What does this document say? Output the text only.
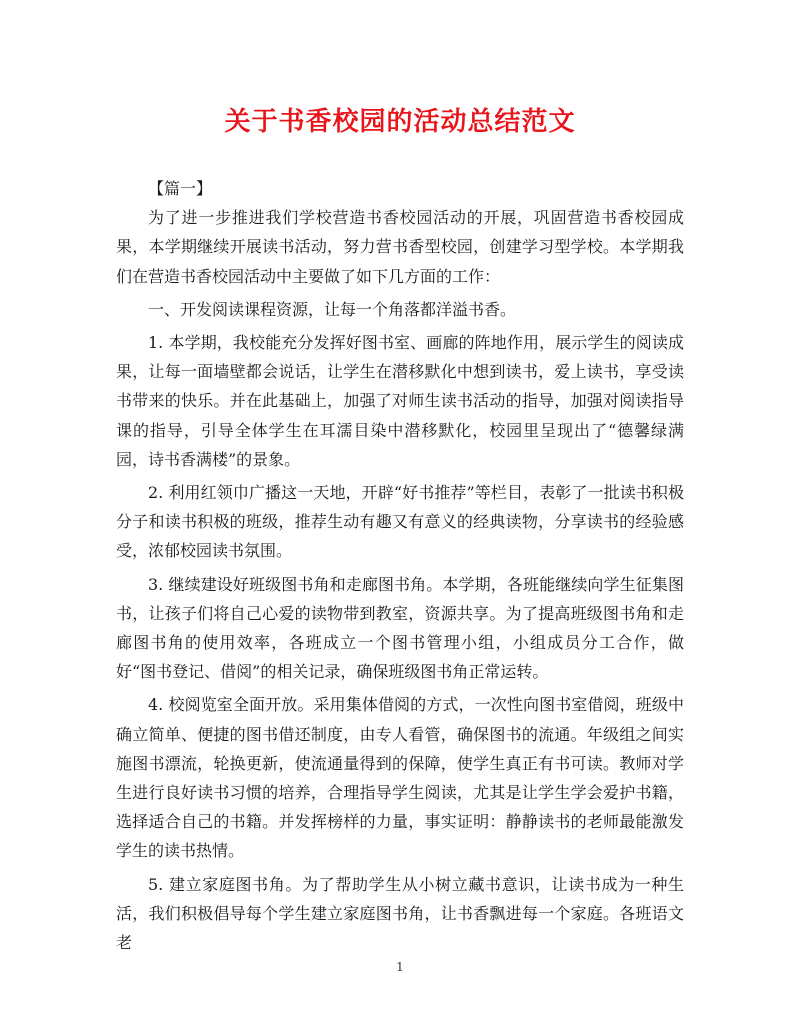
关于书香校园的活动总结范文

【篇一】

为了进一步推进我们学校营造书香校园活动的开展，巩固营造书香校园成果，本学期继续开展读书活动，努力营书香型校园，创建学习型学校。本学期我们在营造书香校园活动中主要做了如下几方面的工作：

一、开发阅读课程资源，让每一个角落都洋溢书香。

1. 本学期，我校能充分发挥好图书室、画廊的阵地作用，展示学生的阅读成果，让每一面墙壁都会说话，让学生在潜移默化中想到读书，爱上读书，享受读书带来的快乐。并在此基础上，加强了对师生读书活动的指导，加强对阅读指导课的指导，引导全体学生在耳濡目染中潜移默化，校园里呈现出了“德馨绿满园，诗书香满楼”的景象。

2. 利用红领巾广播这一天地，开辟“好书推荐”等栏目，表彰了一批读书积极分子和读书积极的班级，推荐生动有趣又有意义的经典读物，分享读书的经验感受，浓郁校园读书氛围。

3. 继续建设好班级图书角和走廊图书角。本学期，各班能继续向学生征集图书，让孩子们将自己心爱的读物带到教室，资源共享。为了提高班级图书角和走廊图书角的使用效率，各班成立一个图书管理小组，小组成员分工合作，做好“图书登记、借阅”的相关记录，确保班级图书角正常运转。

4. 校阅览室全面开放。采用集体借阅的方式，一次性向图书室借阅，班级中确立简单、便捷的图书借还制度，由专人看管，确保图书的流通。年级组之间实施图书漂流，轮换更新，使流通量得到的保障，使学生真正有书可读。教师对学生进行良好读书习惯的培养，合理指导学生阅读，尤其是让学生学会爱护书籍，选择适合自己的书籍。并发挥榜样的力量，事实证明：静静读书的老师最能激发学生的读书热情。

5. 建立家庭图书角。为了帮助学生从小树立藏书意识，让读书成为一种生活，我们积极倡导每个学生建立家庭图书角，让书香飘进每一个家庭。各班语文老

1
